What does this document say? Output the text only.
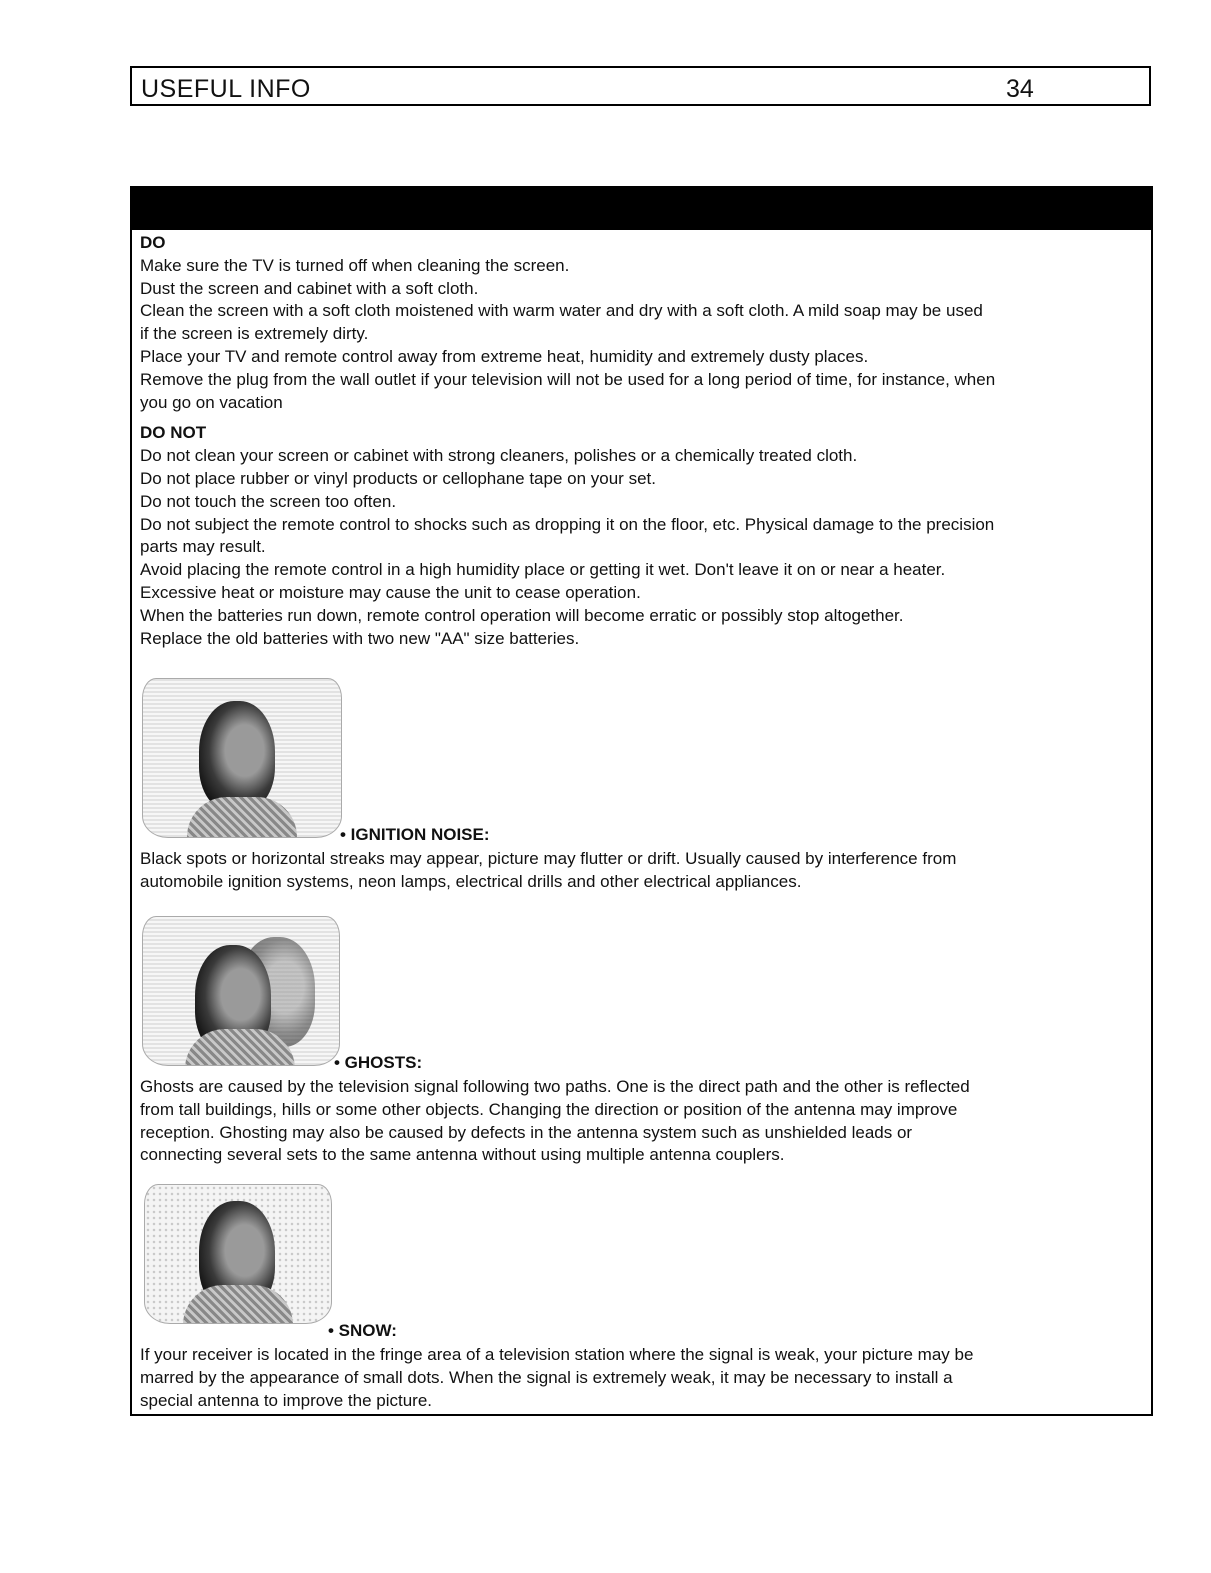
USEFUL INFO	34
DO
Make sure the TV is turned off when cleaning the screen.
Dust the screen and cabinet with a soft cloth.
Clean the screen with a soft cloth moistened with warm water and dry with a soft cloth. A mild soap may be used
if the screen is extremely dirty.
Place your TV and remote control away from extreme heat, humidity and extremely dusty places.
Remove the plug from the wall outlet if your television will not be used for a long period of time, for instance, when
you go on vacation
DO NOT
Do not clean your screen or cabinet with strong cleaners, polishes or a chemically treated cloth.
Do not place rubber or vinyl products or cellophane tape on your set.
Do not touch the screen too often.
Do not subject the remote control to shocks such as dropping it on the floor, etc. Physical damage to the precision
parts may result.
Avoid placing the remote control in a high humidity place or getting it wet. Don't leave it on or near a heater.
Excessive heat or moisture may cause the unit to cease operation.
When the batteries run down, remote control operation will become erratic or possibly stop altogether.
Replace the old batteries with two new "AA" size batteries.
• IGNITION NOISE:
Black spots or horizontal streaks may appear, picture may flutter or drift. Usually caused by interference from
automobile ignition systems, neon lamps, electrical drills and other electrical appliances.
• GHOSTS:
Ghosts are caused by the television signal following two paths. One is the direct path and the other is reflected
from tall buildings, hills or some other objects. Changing the direction or position of the antenna may improve
reception. Ghosting may also be caused by defects in the antenna system such as unshielded leads or
connecting several sets to the same antenna without using multiple antenna couplers.
• SNOW:
If your receiver is located in the fringe area of a television station where the signal is weak, your picture may be
marred by the appearance of small dots. When the signal is extremely weak, it may be necessary to install a
special antenna to improve the picture.
